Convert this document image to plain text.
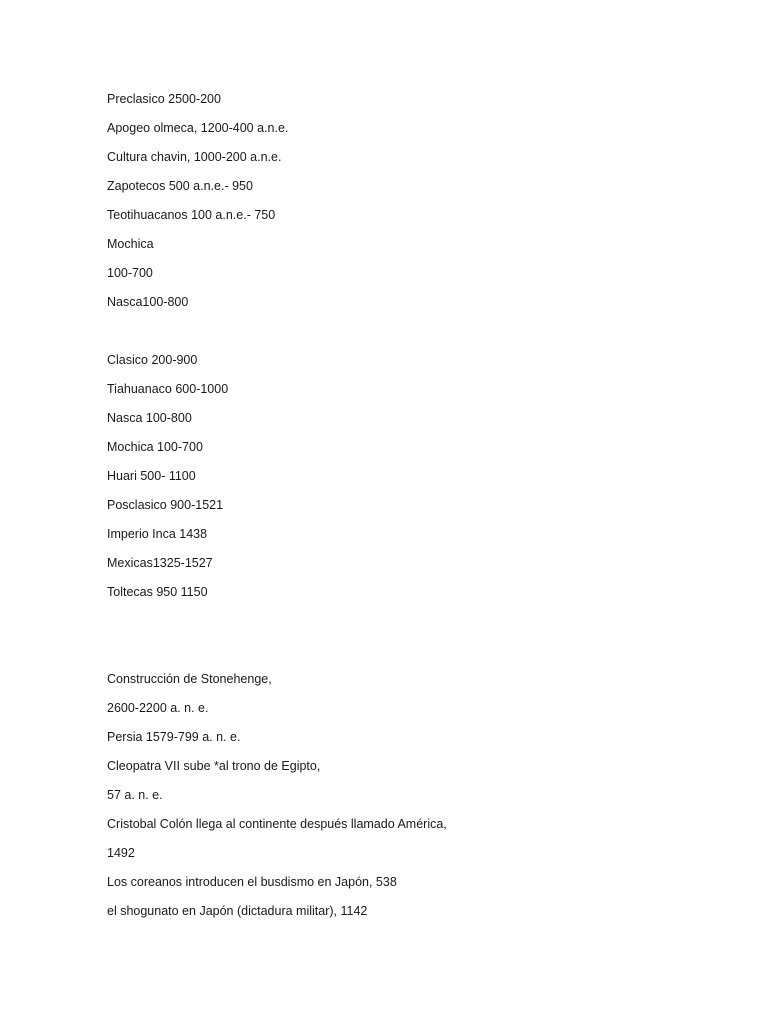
Preclasico 2500-200
Apogeo olmeca, 1200-400 a.n.e.
Cultura chavin, 1000-200 a.n.e.
Zapotecos 500 a.n.e.- 950
Teotihuacanos 100 a.n.e.- 750
Mochica
100-700
Nasca100-800
Clasico 200-900
Tiahuanaco 600-1000
Nasca 100-800
Mochica 100-700
Huari 500- 1100
Posclasico 900-1521
Imperio Inca 1438
Mexicas1325-1527
Toltecas 950 1150
Construcción de Stonehenge,
2600-2200 a. n. e.
Persia 1579-799 a. n. e.
Cleopatra VII sube *al trono de Egipto,
57 a. n. e.
Cristobal Colón llega al continente después llamado América,
1492
Los coreanos introducen el busdismo en Japón, 538
el shogunato en Japón (dictadura militar), 1142
